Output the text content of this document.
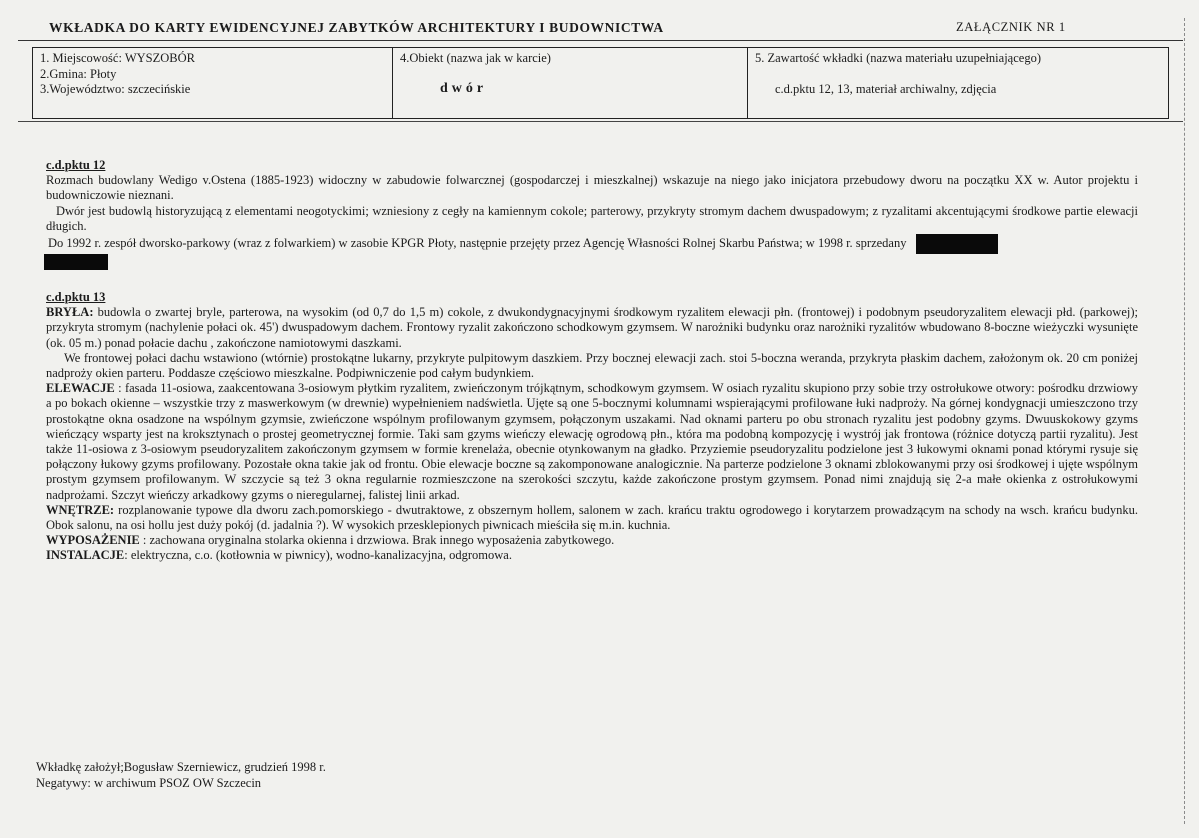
WKŁADKA DO KARTY EWIDENCYJNEJ ZABYTKÓW ARCHITEKTURY I BUDOWNICTWA	ZAŁĄCZNIK NR 1
1. Miejscowość: WYSZOBÓR
2.Gmina: Płoty
3.Województwo: szczecińskie

4.Obiekt (nazwa jak w karcie)
dwór

5. Zawartość wkładki (nazwa materiału uzupełniającego)
c.d.pktu 12, 13, materiał archiwalny, zdjęcia
c.d.pktu 12
Rozmach budowlany Wedigo v.Ostena (1885-1923) widoczny w zabudowie folwarcznej (gospodarczej i mieszkalnej) wskazuje na niego jako inicjatora przebudowy dworu na początku XX w. Autor projektu i budowniczowie nieznani.
Dwór jest budowlą historyzującą z elementami neogotyckimi; wzniesiony z cegły na kamiennym cokole; parterowy, przykryty stromym dachem dwuspadowym; z ryzalitami akcentującymi środkowe partie elewacji długich.
Do 1992 r. zespół dworsko-parkowy (wraz z folwarkiem) w zasobie KPGR Płoty, następnie przejęty przez Agencję Własności Rolnej Skarbu Państwa; w 1998 r. sprzedany
c.d.pktu 13
BRYŁA: budowla o zwartej bryle, parterowa, na wysokim (od 0,7 do 1,5 m) cokole, z dwukondygnacyjnymi środkowym ryzalitem elewacji płn. (frontowej) i podobnym pseudoryzalitem elewacji płd. (parkowej); przykryta stromym (nachylenie połaci ok. 45') dwuspadowym dachem. Frontowy ryzalit zakończono schodkowym gzymsem. W narożniki budynku oraz narożniki ryzalitów wbudowano 8-boczne wieżyczki wysunięte (ok. 05 m.) ponad połacie dachu , zakończone namiotowymi daszkami.
We frontowej połaci dachu wstawiono (wtórnie) prostokątne lukarny, przykryte pulpitowym daszkiem. Przy bocznej elewacji zach. stoi 5-boczna weranda, przykryta płaskim dachem, założonym ok. 20 cm poniżej nadproży okien parteru. Poddasze częściowo mieszkalne. Podpiwniczenie pod całym budynkiem.
ELEWACJE : fasada 11-osiowa, zaakcentowana 3-osiowym płytkim ryzalitem, zwieńczonym trójkątnym, schodkowym gzymsem. W osiach ryzalitu skupiono przy sobie trzy ostrołukowe otwory: pośrodku drzwiowy a po bokach okienne – wszystkie trzy z maswerkowym (w drewnie) wypełnieniem nadświetla. Ujęte są one 5-bocznymi kolumnami wspierającymi profilowane łuki nadproży. Na górnej kondygnacji umieszczono trzy prostokątne okna osadzone na wspólnym gzymsie, zwieńczone wspólnym profilowanym gzymsem, połączonym uszakami. Nad oknami parteru po obu stronach ryzalitu jest podobny gzyms. Dwuuskokowy gzyms wieńczący wsparty jest na kroksztynach o prostej geometrycznej formie. Taki sam gzyms wieńczy elewację ogrodową płn., która ma podobną kompozycję i wystrój jak frontowa (różnice dotyczą partii ryzalitu). Jest także 11-osiowa z 3-osiowym pseudoryzalitem zakończonym gzymsem w formie krenelaża, obecnie otynkowanym na gładko. Przyziemie pseudoryzalitu podzielone jest 3 łukowymi oknami ponad którymi rysuje się połączony łukowy gzyms profilowany. Pozostałe okna takie jak od frontu. Obie elewacje boczne są zakomponowane analogicznie. Na parterze podzielone 3 oknami zblokowanymi przy osi środkowej i ujęte wspólnym prostym gzymsem profilowanym. W szczycie są też 3 okna regularnie rozmieszczone na szerokości szczytu, każde zakończone prostym gzymsem. Ponad nimi znajdują się 2-a małe okienka z ostrołukowymi nadprożami. Szczyt wieńczy arkadkowy gzyms o nieregularnej, falistej linii arkad.
WNĘTRZE: rozplanowanie typowe dla dworu zach.pomorskiego - dwutraktowe, z obszernym hollem, salonem w zach. krańcu traktu ogrodowego i korytarzem prowadzącym na schody na wsch. krańcu budynku. Obok salonu, na osi hollu jest duży pokój (d. jadalnia ?). W wysokich przesklepionych piwnicach mieściła się m.in. kuchnia.
WYPOSAŻENIE : zachowana oryginalna stolarka okienna i drzwiowa. Brak innego wyposażenia zabytkowego.
INSTALACJE: elektryczna, c.o. (kotłownia w piwnicy), wodno-kanalizacyjna, odgromowa.
Wkładkę założył;Bogusław Szerniewicz, grudzień 1998 r.
Negatywy: w archiwum PSOZ OW Szczecin
